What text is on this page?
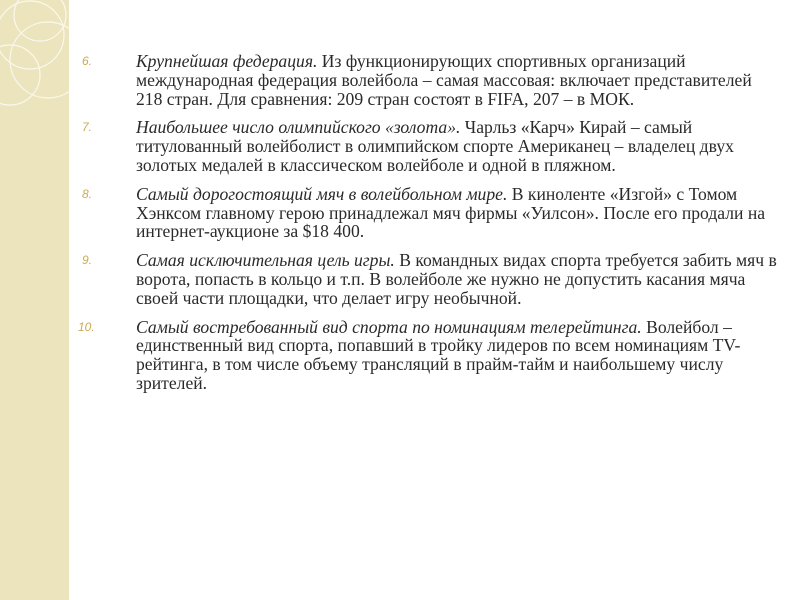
6.	Крупнейшая федерация. Из функционирующих спортивных организаций международная федерация волейбола – самая массовая: включает представителей 218 стран. Для сравнения: 209 стран состоят в FIFA, 207 – в МОК.
7.	Наибольшее число олимпийского «золота». Чарльз «Карч» Кирай – самый титулованный волейболист в олимпийском спорте Американец – владелец двух золотых медалей в классическом волейболе и одной в пляжном.
8.	Самый дорогостоящий мяч в волейбольном мире. В киноленте «Изгой» с Томом Хэнксом главному герою принадлежал мяч фирмы «Уилсон». После его продали на интернет-аукционе за $18 400.
9.	Самая исключительная цель игры. В командных видах спорта требуется забить мяч в ворота, попасть в кольцо и т.п. В волейболе же нужно не допустить касания мяча своей части площадки, что делает игру необычной.
10.	Самый востребованный вид спорта по номинациям телерейтинга. Волейбол – единственный вид спорта, попавший в тройку лидеров по всем номинациям TV-рейтинга, в том числе объему трансляций в прайм-тайм и наибольшему числу зрителей.
